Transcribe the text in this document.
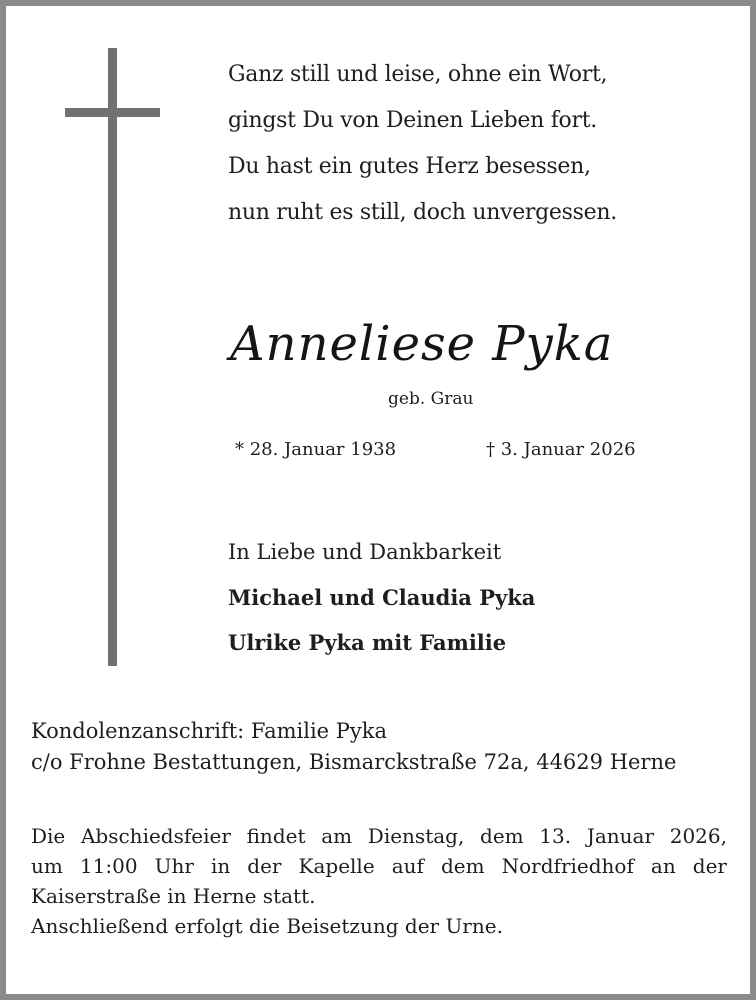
Ganz still und leise, ohne ein Wort,
gingst Du von Deinen Lieben fort.
Du hast ein gutes Herz besessen,
nun ruht es still, doch unvergessen.
Anneliese Pyka
geb. Grau
* 28. Januar 1938	† 3. Januar 2026
In Liebe und Dankbarkeit
Michael und Claudia Pyka
Ulrike Pyka mit Familie
Kondolenzanschrift: Familie Pyka
c/o Frohne Bestattungen, Bismarckstraße 72a, 44629 Herne
Die Abschiedsfeier findet am Dienstag, dem 13. Januar 2026,
um 11:00 Uhr in der Kapelle auf dem Nordfriedhof an der
Kaiserstraße in Herne statt.
Anschließend erfolgt die Beisetzung der Urne.
